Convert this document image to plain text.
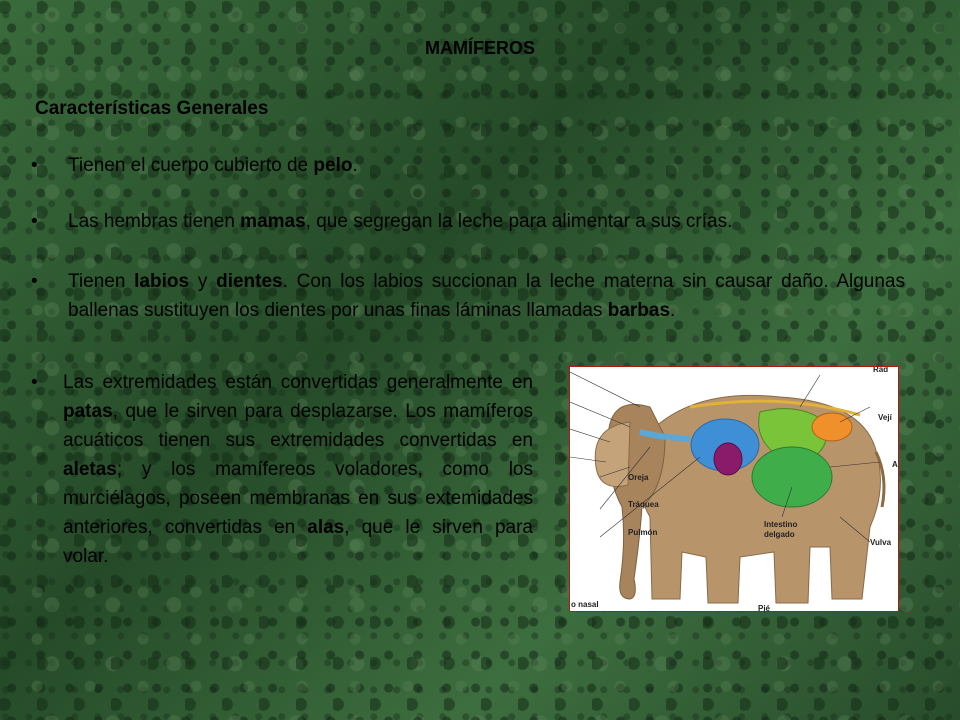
MAMÍFEROS
Características Generales
• Tienen el cuerpo cubierto de pelo.
• Las hembras tienen mamas, que segregan la leche para alimentar a sus crías.
• Tienen labios y dientes. Con los labios succionan la leche materna sin causar daño. Algunas ballenas sustituyen los dientes por unas finas láminas llamadas barbas.
• Las extremidades están convertidas generalmente en patas, que le sirven para desplazarse. Los mamíferos acuáticos tienen sus extremidades convertidas en aletas; y los mamífereos voladores, como los murciélagos, poseen membranas en sus extemidades anteriores, convertidas en alas, que le sirven para volar.
Oreja
Tráquea
Pulmón
Intestino
delgado
Vulva
o nasal
Vejí
Rad
A
Pié
